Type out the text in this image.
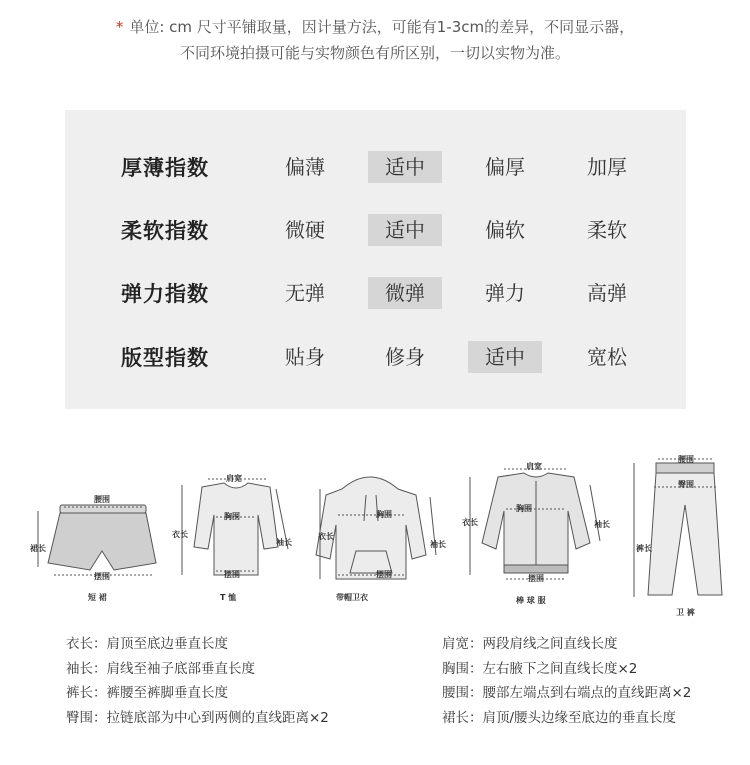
* 单位: cm 尺寸平铺取量，因计量方法，可能有1-3cm的差异，不同显示器，
不同环境拍摄可能与实物颜色有所区别，一切以实物为准。
厚薄指数	偏薄	适中	偏厚	加厚
柔软指数	微硬	适中	偏软	柔软
弹力指数	无弹	微弹	弹力	高弹
版型指数	贴身	修身	适中	宽松
腰围
裙长
摆围
短 裙
肩宽
胸围
摆围
衣长
袖长
T 恤
胸围
摆围
衣长
袖长
带帽卫衣
肩宽
胸围
摆围
衣长	袖长
棒 球 服
腰围
臀围
裤长
卫 裤
衣长：肩顶至底边垂直长度
袖长：肩线至袖子底部垂直长度
裤长：裤腰至裤脚垂直长度
臀围：拉链底部为中心到两侧的直线距离×2
肩宽：两段肩线之间直线长度
胸围：左右腋下之间直线长度×2
腰围：腰部左端点到右端点的直线距离×2
裙长：肩顶/腰头边缘至底边的垂直长度
